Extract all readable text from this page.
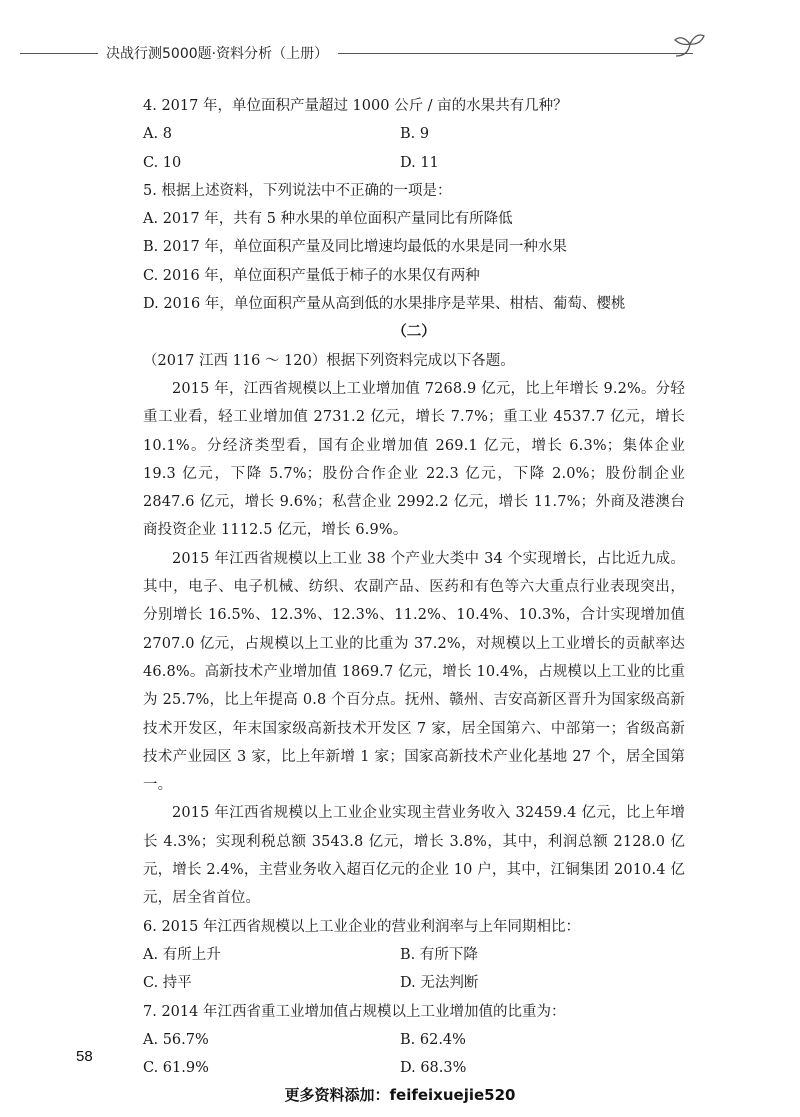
决战行测5000题·资料分析（上册）
4. 2017 年，单位面积产量超过 1000 公斤 / 亩的水果共有几种？
A. 8	B. 9
C. 10	D. 11
5. 根据上述资料，下列说法中不正确的一项是：
A. 2017 年，共有 5 种水果的单位面积产量同比有所降低
B. 2017 年，单位面积产量及同比增速均最低的水果是同一种水果
C. 2016 年，单位面积产量低于柿子的水果仅有两种
D. 2016 年，单位面积产量从高到低的水果排序是苹果、柑桔、葡萄、樱桃
（二）
（2017 江西 116 ～ 120）根据下列资料完成以下各题。
2015 年，江西省规模以上工业增加值 7268.9 亿元，比上年增长 9.2%。分轻重工业看，轻工业增加值 2731.2 亿元，增长 7.7%；重工业 4537.7 亿元，增长 10.1%。分经济类型看，国有企业增加值 269.1 亿元，增长 6.3%；集体企业 19.3 亿元，下降 5.7%；股份合作企业 22.3 亿元，下降 2.0%；股份制企业 2847.6 亿元，增长 9.6%；私营企业 2992.2 亿元，增长 11.7%；外商及港澳台商投资企业 1112.5 亿元，增长 6.9%。
2015 年江西省规模以上工业 38 个产业大类中 34 个实现增长，占比近九成。其中，电子、电子机械、纺织、农副产品、医药和有色等六大重点行业表现突出，分别增长 16.5%、12.3%、12.3%、11.2%、10.4%、10.3%，合计实现增加值 2707.0 亿元，占规模以上工业的比重为 37.2%，对规模以上工业增长的贡献率达 46.8%。高新技术产业增加值 1869.7 亿元，增长 10.4%，占规模以上工业的比重为 25.7%，比上年提高 0.8 个百分点。抚州、赣州、吉安高新区晋升为国家级高新技术开发区，年末国家级高新技术开发区 7 家，居全国第六、中部第一；省级高新技术产业园区 3 家，比上年新增 1 家；国家高新技术产业化基地 27 个，居全国第一。
2015 年江西省规模以上工业企业实现主营业务收入 32459.4 亿元，比上年增长 4.3%；实现利税总额 3543.8 亿元，增长 3.8%，其中，利润总额 2128.0 亿元，增长 2.4%，主营业务收入超百亿元的企业 10 户，其中，江铜集团 2010.4 亿元，居全省首位。
6. 2015 年江西省规模以上工业企业的营业利润率与上年同期相比：
A. 有所上升	B. 有所下降
C. 持平	D. 无法判断
7. 2014 年江西省重工业增加值占规模以上工业增加值的比重为：
A. 56.7%	B. 62.4%
C. 61.9%	D. 68.3%
58
更多资料添加：feifeixuejie520
